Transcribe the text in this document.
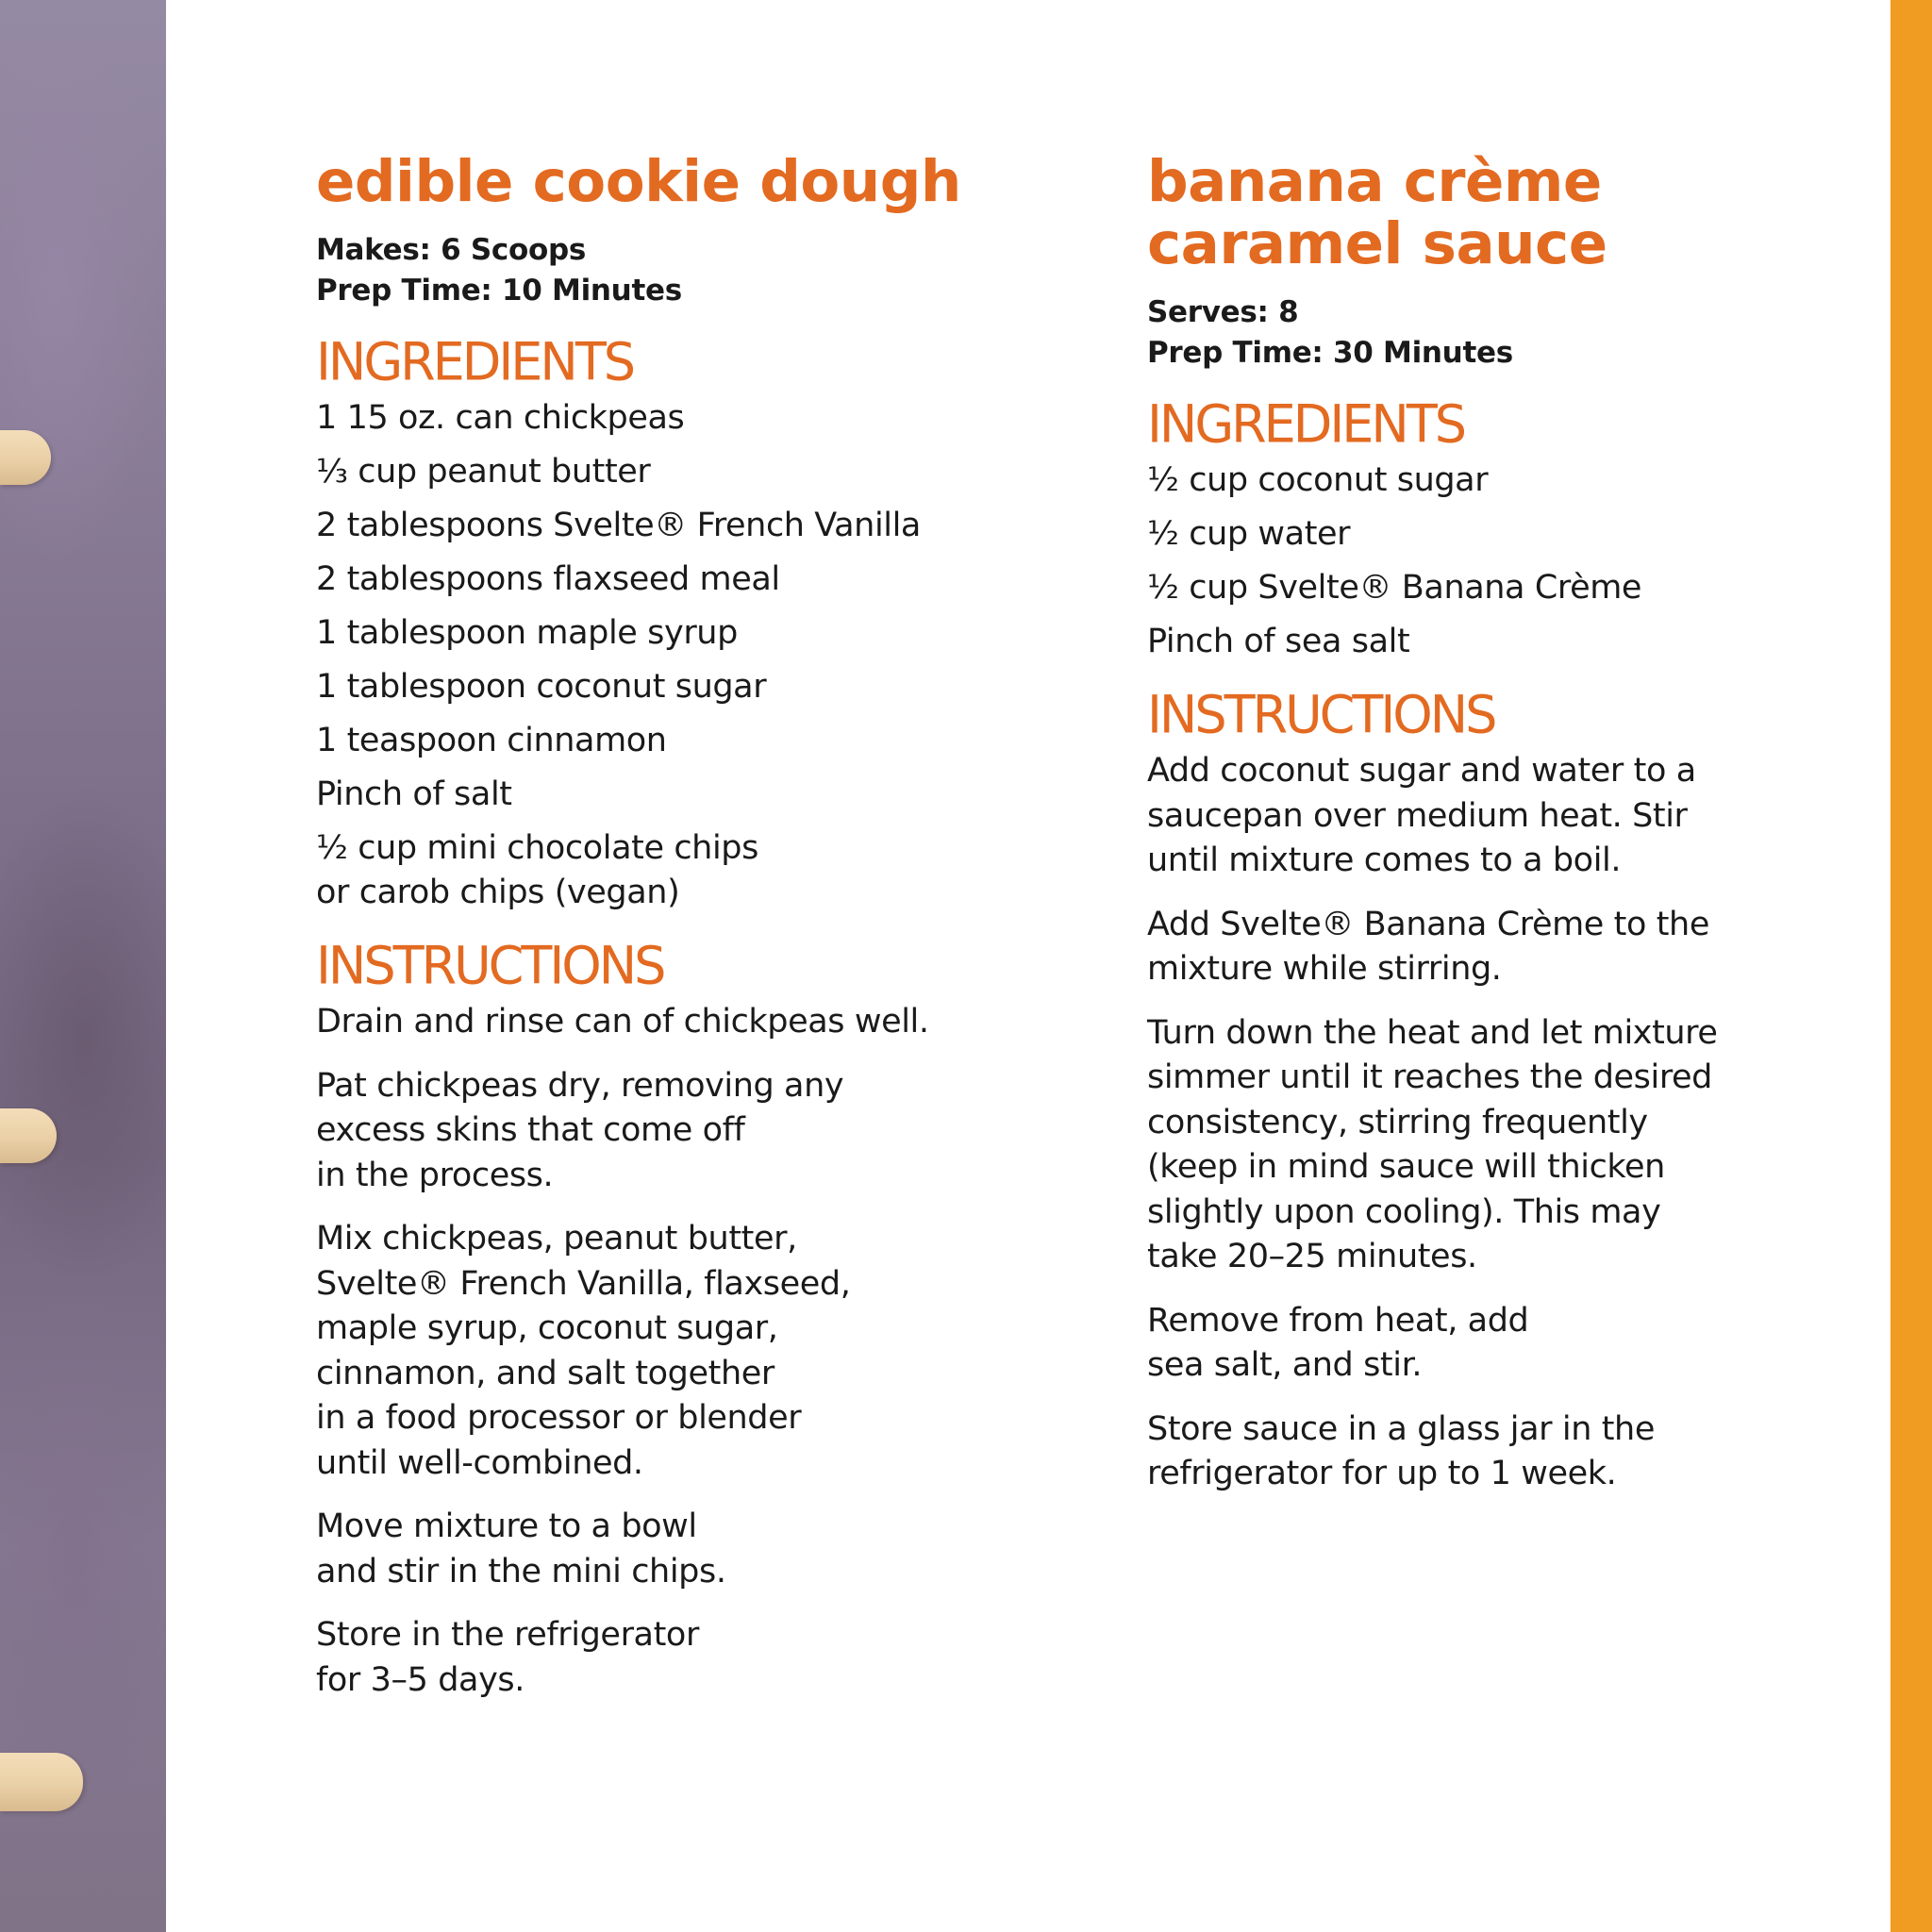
edible cookie dough
Makes: 6 Scoops
Prep Time: 10 Minutes
INGREDIENTS
1 15 oz. can chickpeas
⅓ cup peanut butter
2 tablespoons Svelte® French Vanilla
2 tablespoons flaxseed meal
1 tablespoon maple syrup
1 tablespoon coconut sugar
1 teaspoon cinnamon
Pinch of salt
½ cup mini chocolate chips
or carob chips (vegan)
INSTRUCTIONS

Drain and rinse can of chickpeas well.

Pat chickpeas dry, removing any
excess skins that come off
in the process.

Mix chickpeas, peanut butter,
Svelte® French Vanilla, flaxseed,
maple syrup, coconut sugar,
cinnamon, and salt together
in a food processor or blender
until well-combined.

Move mixture to a bowl
and stir in the mini chips.

Store in the refrigerator
for 3–5 days.

banana crème
caramel sauce
Serves: 8
Prep Time: 30 Minutes
INGREDIENTS
½ cup coconut sugar
½ cup water
½ cup Svelte® Banana Crème
Pinch of sea salt
INSTRUCTIONS

Add coconut sugar and water to a
saucepan over medium heat. Stir
until mixture comes to a boil.

Add Svelte® Banana Crème to the
mixture while stirring.

Turn down the heat and let mixture
simmer until it reaches the desired
consistency, stirring frequently
(keep in mind sauce will thicken
slightly upon cooling). This may
take 20–25 minutes.

Remove from heat, add
sea salt, and stir.

Store sauce in a glass jar in the
refrigerator for up to 1 week.
